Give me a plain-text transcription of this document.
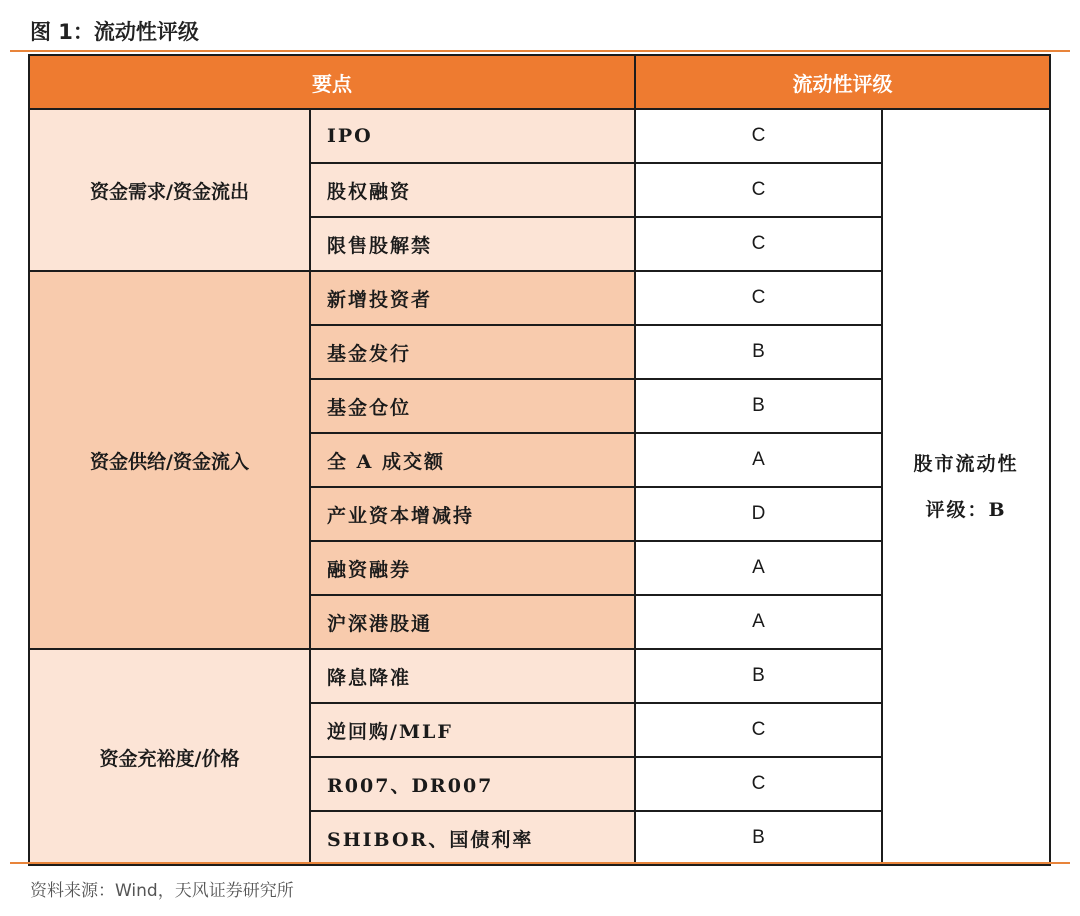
图 1：流动性评级
要点		流动性评级	
资金需求/资金流出	IPO	C	股市流动性
评级：B

	股权融资	C	
	限售股解禁	C	
资金供给/资金流入	新增投资者	C	
	基金发行	B	
	基金仓位	B	
	全 A 成交额	A	
	产业资本增减持	D	
	融资融券	A	
	沪深港股通	A	
资金充裕度/价格	降息降准	B	
	逆回购/MLF	C	
	R007、DR007	C	
	SHIBOR、国债利率	B	
资料来源：Wind，天风证券研究所
